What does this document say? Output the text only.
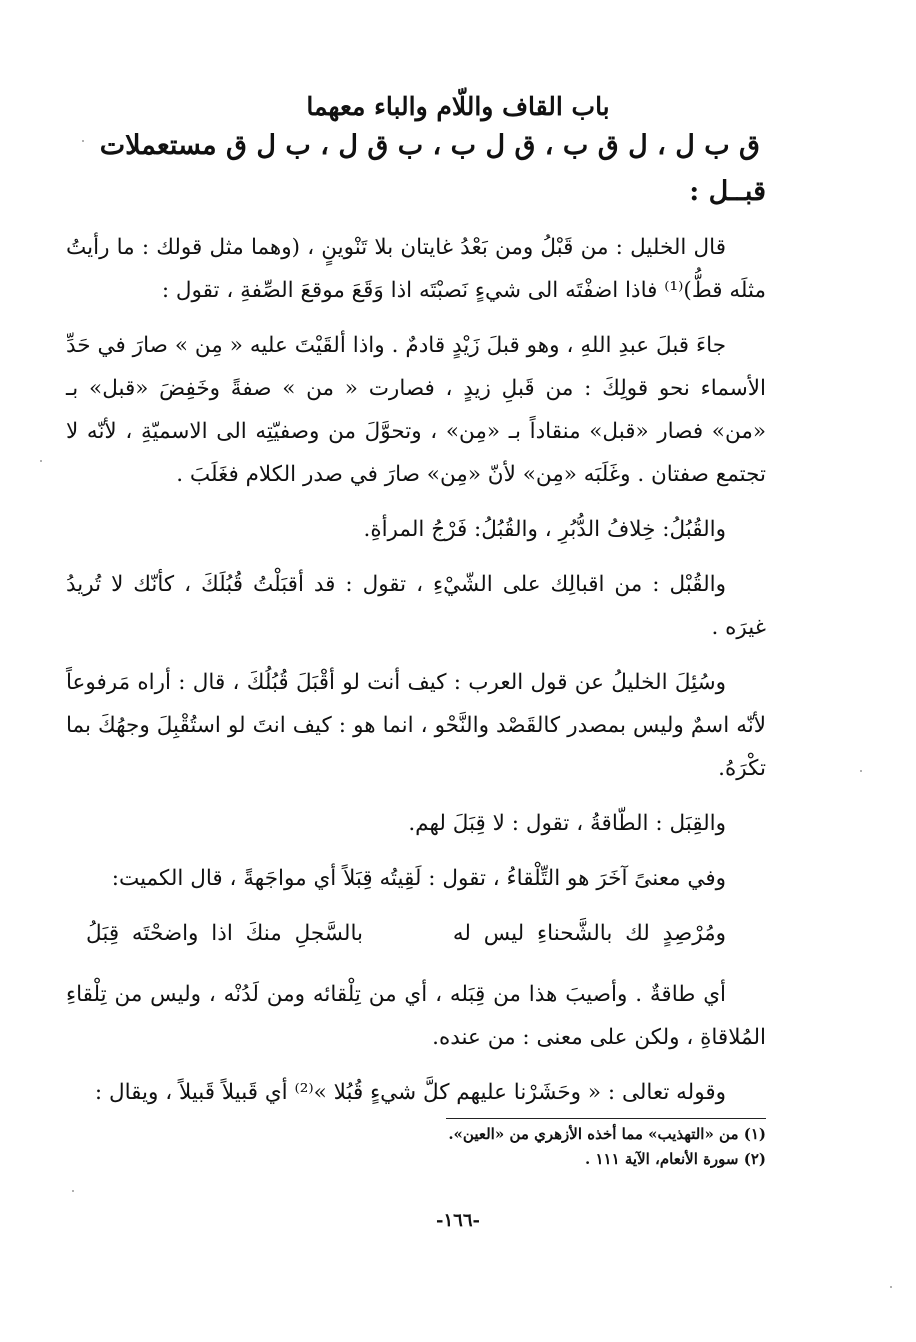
باب القاف واللّام والباء معهما
ق ب ل ، ل ق ب ، ق ل ب ، ب ق ل ، ب ل ق مستعملات
قبــل :

قال الخليل : من قَبْلُ ومن بَعْدُ غايتان بلا تَنْوينٍ ، (وهما مثل قولك : ما رأيتُ مثلَه قطُّ)⁽¹⁾ فاذا اضفْتَه الى شيءٍ نَصبْتَه اذا وَقَعَ موقعَ الصِّفةِ ، تقول :

جاءَ قبلَ عبدِ اللهِ ، وهو قبلَ زَيْدٍ قادمٌ . واذا ألقَيْتَ عليه « مِن » صارَ في حَدِّ الأسماء نحو قولِكَ : من قَبلِ زيدٍ ، فصارت « من » صفةً وخَفِضَ «قبل» بـ «من» فصار «قبل» منقاداً بـ «مِن» ، وتحوَّلَ من وصفيّتِه الى الاسميّةِ ، لأنّه لا تجتمع صفتان . وغَلَبَه «مِن» لأنّ «مِن» صارَ في صدر الكلام فغَلَبَ .

والقُبُلُ: خِلافُ الدُّبُرِ ، والقُبُلُ: فَرْجُ المرأةِ.

والقُبْل : من اقبالِك على الشّيْءِ ، تقول : قد أقبَلْتُ قُبُلَكَ ، كأنّك لا تُريدُ غيرَه .

وسُئِلَ الخليلُ عن قول العرب : كيف أنت لو أقْبَلَ قُبُلُكَ ، قال : أراه مَرفوعاً لأنّه اسمٌ وليس بمصدر كالقَصْد والنَّحْو ، انما هو : كيف انتَ لو استُقْبِلَ وجهُكَ بما تكْرَهُ.

والقِبَل : الطّاقةُ ، تقول : لا قِبَلَ لهم.

وفي معنىً آخَرَ هو التِّلْقاءُ ، تقول : لَقِيتُه قِبَلاً أي مواجَهةً ، قال الكميت:

ومُرْصِدٍ لك بالشَّحناءِ ليس له       بالسَّجلِ منكَ اذا واضحْتَه قِبَلُ

أي طاقةٌ . وأصيبَ هذا من قِبَله ، أي من تِلْقائه ومن لَدُنْه ، وليس من تِلْقاءِ المُلاقاةِ ، ولكن على معنى : من عنده.

وقوله تعالى : « وحَشَرْنا عليهم كلَّ شيءٍ قُبُلا »⁽²⁾ أي قَبيلاً قَبيلاً ، ويقال :

(١) من «التهذيب» مما أخذه الأزهري من «العين».
(٢) سورة الأنعام، الآية ١١١ .
-١٦٦-
